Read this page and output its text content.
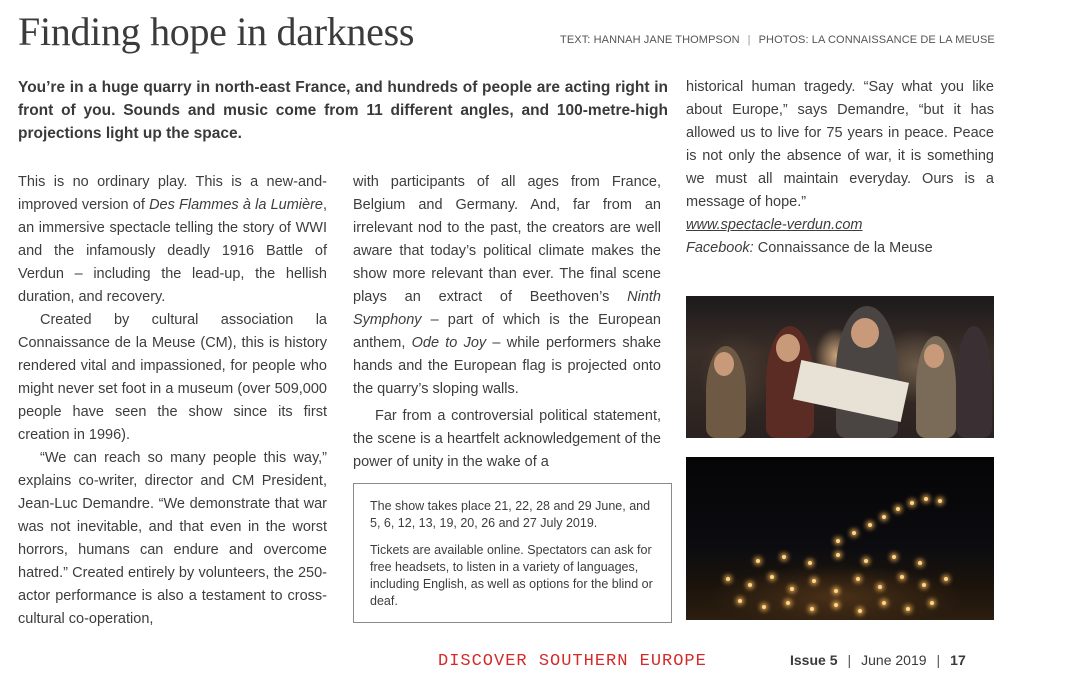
Finding hope in darkness	TEXT: HANNAH JANE THOMPSON | PHOTOS: LA CONNAISSANCE DE LA MEUSE
You’re in a huge quarry in north-east France, and hundreds of people are acting right in front of you. Sounds and music come from 11 different angles, and 100-metre-high projections light up the space.

This is no ordinary play. This is a new-and-improved version of Des Flammes à la Lumière, an immersive spectacle telling the story of WWI and the infamously deadly 1916 Battle of Verdun – including the lead-up, the hellish duration, and recovery.

Created by cultural association la Connaissance de la Meuse (CM), this is history rendered vital and impassioned, for people who might never set foot in a museum (over 509,000 people have seen the show since its first creation in 1996).

“We can reach so many people this way,” explains co-writer, director and CM President, Jean-Luc Demandre. “We demonstrate that war was not inevitable, and that even in the worst horrors, humans can endure and overcome hatred.” Created entirely by volunteers, the 250-actor performance is also a testament to cross-cultural co-operation,

with participants of all ages from France, Belgium and Germany. And, far from an irrelevant nod to the past, the creators are well aware that today’s political climate makes the show more relevant than ever. The final scene plays an extract of Beethoven’s Ninth Symphony – part of which is the European anthem, Ode to Joy – while performers shake hands and the European flag is projected onto the quarry’s sloping walls.

Far from a controversial political statement, the scene is a heartfelt acknowledgement of the power of unity in the wake of a

historical human tragedy. “Say what you like about Europe,” says Demandre, “but it has allowed us to live for 75 years in peace. Peace is not only the absence of war, it is something we must all maintain everyday. Ours is a message of hope.”

www.spectacle-verdun.com

Facebook: Connaissance de la Meuse

The show takes place 21, 22, 28 and 29 June, and 5, 6, 12, 13, 19, 20, 26 and 27 July 2019.

Tickets are available online. Spectators can ask for free headsets, to listen in a variety of languages, including English, as well as options for the blind or deaf.

DISCOVER SOUTHERN EUROPE	Issue 5 | June 2019 | 17
